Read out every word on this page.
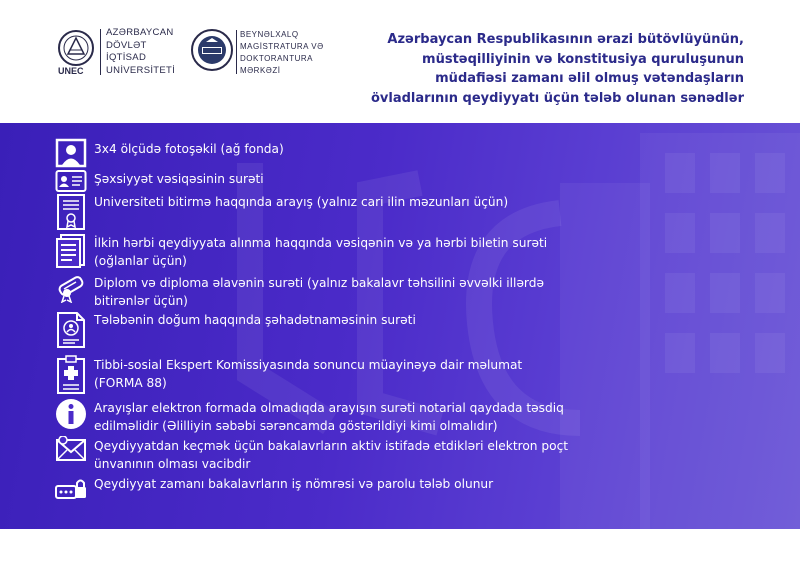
UNEC
AZƏRBAYCAN
DÖVLƏT
İQTİSAD
UNİVERSİTETİ
BEYNƏLXALQ
MAGİSTRATURA VƏ
DOKTORANTURA
MƏRKƏZİ
Azərbaycan Respublikasının ərazi bütövlüyünün,
müstəqilliyinin və konstitusiya quruluşunun
müdafiəsi zamanı əlil olmuş vətəndaşların
övladlarının qeydiyyatı üçün tələb olunan sənədlər
3x4 ölçüdə fotoşəkil (ağ fonda)
Şəxsiyyət vəsiqəsinin surəti
Universiteti bitirmə haqqında arayış (yalnız cari ilin məzunları üçün)
İlkin hərbi qeydiyyata alınma haqqında vəsiqənin və ya hərbi biletin surəti (oğlanlar üçün)
Diplom və diploma əlavənin surəti (yalnız bakalavr təhsilini əvvəlki illərdə bitirənlər üçün)
Tələbənin doğum haqqında şəhadətnaməsinin surəti
Tibbi-sosial Ekspert Komissiyasında sonuncu müayinəyə dair məlumat (FORMA 88)
Arayışlar elektron formada olmadıqda arayışın surəti notarial qaydada təsdiq edilməlidir (Əlilliyin səbəbi sərəncamda göstərildiyi kimi olmalıdır)
Qeydiyyatdan keçmək üçün bakalavrların aktiv istifadə etdikləri elektron poçt ünvanının olması vacibdir
Qeydiyyat zamanı bakalavrların iş nömrəsi və parolu tələb olunur
